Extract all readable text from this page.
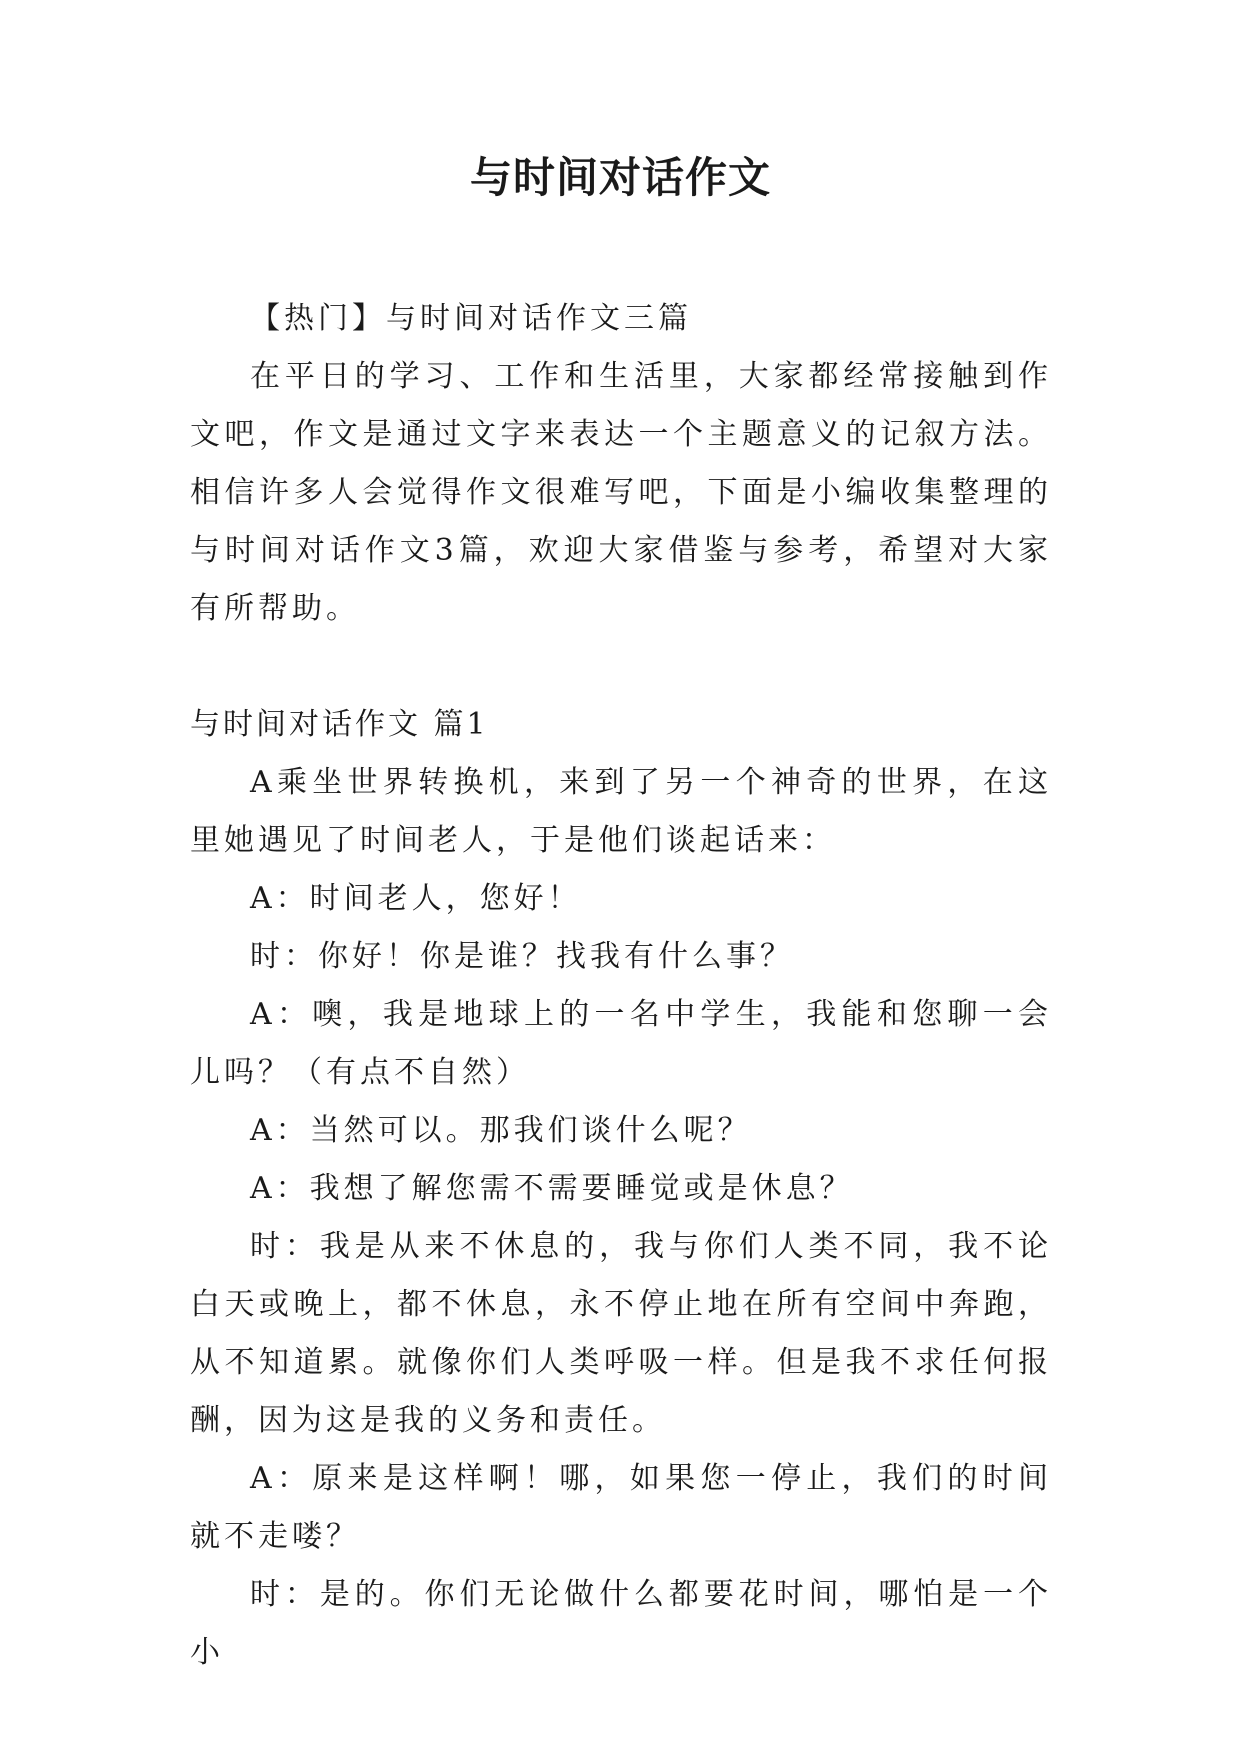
与时间对话作文

【热门】与时间对话作文三篇

在平日的学习、工作和生活里，大家都经常接触到作文吧，作文是通过文字来表达一个主题意义的记叙方法。相信许多人会觉得作文很难写吧，下面是小编收集整理的与时间对话作文3篇，欢迎大家借鉴与参考，希望对大家有所帮助。

与时间对话作文 篇1

A乘坐世界转换机，来到了另一个神奇的世界，在这里她遇见了时间老人，于是他们谈起话来：

A：时间老人，您好！

时：你好！你是谁？找我有什么事？

A：噢，我是地球上的一名中学生，我能和您聊一会儿吗？（有点不自然）

A：当然可以。那我们谈什么呢？

A：我想了解您需不需要睡觉或是休息？

时：我是从来不休息的，我与你们人类不同，我不论白天或晚上，都不休息，永不停止地在所有空间中奔跑，从不知道累。就像你们人类呼吸一样。但是我不求任何报酬，因为这是我的义务和责任。

A：原来是这样啊！哪，如果您一停止，我们的时间就不走喽？

时：是的。你们无论做什么都要花时间，哪怕是一个小
